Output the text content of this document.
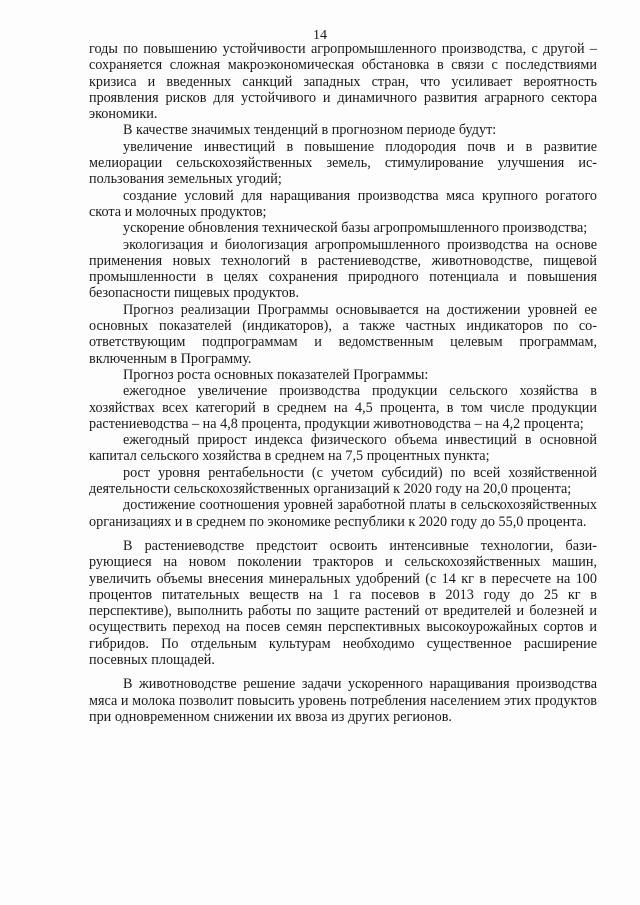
14

годы по повышению устойчивости агропромышленного производства, с другой – сохраняется сложная макроэкономическая обстановка в связи с последствиями кризиса и введенных санкций западных стран, что усиливает вероятность проявления рисков для устойчивого и динамичного развития аграрного сектора экономики.

В качестве значимых тенденций в прогнозном периоде будут:

увеличение инвестиций в повышение плодородия почв и в развитие мелиорации сельскохозяйственных земель, стимулирование улучшения использования земельных угодий;

создание условий для наращивания производства мяса крупного рогатого скота и молочных продуктов;

ускорение обновления технической базы агропромышленного производства;

экологизация и биологизация агропромышленного производства на основе применения новых технологий в растениеводстве, животноводстве, пищевой промышленности в целях сохранения природного потенциала и повышения безопасности пищевых продуктов.

Прогноз реализации Программы основывается на достижении уровней ее основных показателей (индикаторов), а также частных индикаторов по соответствующим подпрограммам и ведомственным целевым программам, включенным в Программу.

Прогноз роста основных показателей Программы:

ежегодное увеличение производства продукции сельского хозяйства в хозяйствах всех категорий в среднем на 4,5 процента, в том числе продукции растениеводства – на 4,8 процента, продукции животноводства – на 4,2 процента;

ежегодный прирост индекса физического объема инвестиций в основной капитал сельского хозяйства в среднем на 7,5 процентных пункта;

рост уровня рентабельности (с учетом субсидий) по всей хозяйственной деятельности сельскохозяйственных организаций к 2020 году на 20,0 процента;

достижение соотношения уровней заработной платы в сельскохозяйственных организациях и в среднем по экономике республики к 2020 году до 55,0 процента.

В растениеводстве предстоит освоить интенсивные технологии, базирующиеся на новом поколении тракторов и сельскохозяйственных машин, увеличить объемы внесения минеральных удобрений (с 14 кг в пересчете на 100 процентов питательных веществ на 1 га посевов в 2013 году до 25 кг в перспективе), выполнить работы по защите растений от вредителей и болезней и осуществить переход на посев семян перспективных высокоурожайных сортов и гибридов. По отдельным культурам необходимо существенное расширение посевных площадей.

В животноводстве решение задачи ускоренного наращивания производства мяса и молока позволит повысить уровень потребления населением этих продуктов при одновременном снижении их ввоза из других регионов.
